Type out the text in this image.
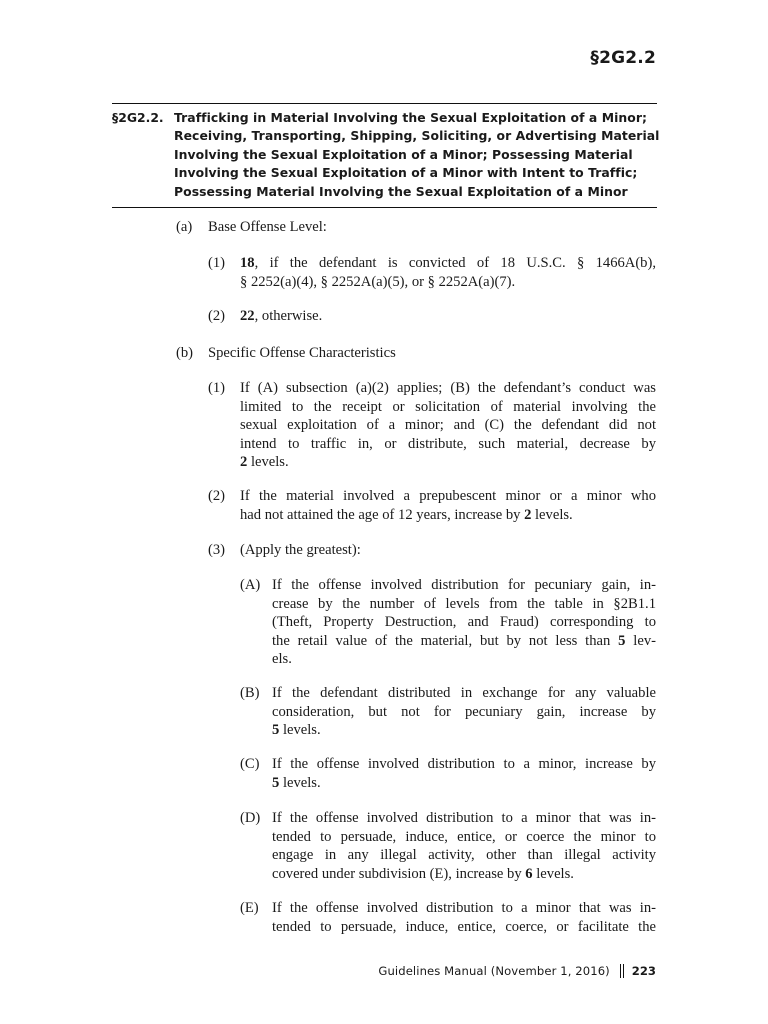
§2G2.2
§2G2.2. Trafficking in Material Involving the Sexual Exploitation of a Minor;
Receiving, Transporting, Shipping, Soliciting, or Advertising Material
Involving the Sexual Exploitation of a Minor; Possessing Material
Involving the Sexual Exploitation of a Minor with Intent to Traffic;
Possessing Material Involving the Sexual Exploitation of a Minor
(a) Base Offense Level:
(1) 18, if the defendant is convicted of 18 U.S.C. § 1466A(b),
§ 2252(a)(4), § 2252A(a)(5), or § 2252A(a)(7).
(2) 22, otherwise.
(b) Specific Offense Characteristics
(1) If (A) subsection (a)(2) applies; (B) the defendant’s conduct was
limited to the receipt or solicitation of material involving the
sexual exploitation of a minor; and (C) the defendant did not
intend to traffic in, or distribute, such material, decrease by
2 levels.
(2) If the material involved a prepubescent minor or a minor who
had not attained the age of 12 years, increase by 2 levels.
(3) (Apply the greatest):
(A) If the offense involved distribution for pecuniary gain, in-
crease by the number of levels from the table in §2B1.1
(Theft, Property Destruction, and Fraud) corresponding to
the retail value of the material, but by not less than 5 lev-
els.
(B) If the defendant distributed in exchange for any valuable
consideration, but not for pecuniary gain, increase by
5 levels.
(C) If the offense involved distribution to a minor, increase by
5 levels.
(D) If the offense involved distribution to a minor that was in-
tended to persuade, induce, entice, or coerce the minor to
engage in any illegal activity, other than illegal activity
covered under subdivision (E), increase by 6 levels.
(E) If the offense involved distribution to a minor that was in-
tended to persuade, induce, entice, coerce, or facilitate the
Guidelines Manual (November 1, 2016) 223
